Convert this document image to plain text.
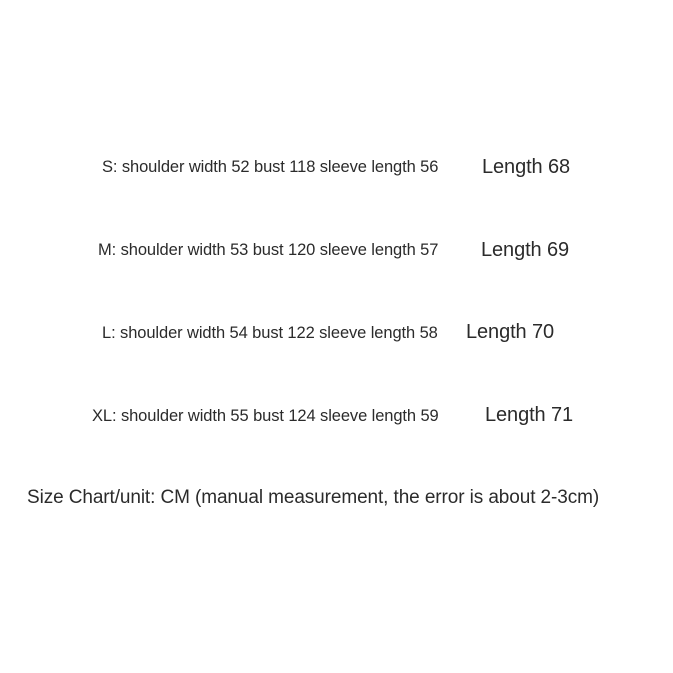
S: shoulder width 52 bust 118 sleeve length 56 Length 68
M: shoulder width 53 bust 120 sleeve length 57 Length 69
L: shoulder width 54 bust 122 sleeve length 58 Length 70
XL: shoulder width 55 bust 124 sleeve length 59 Length 71
Size Chart/unit: CM (manual measurement, the error is about 2-3cm)
